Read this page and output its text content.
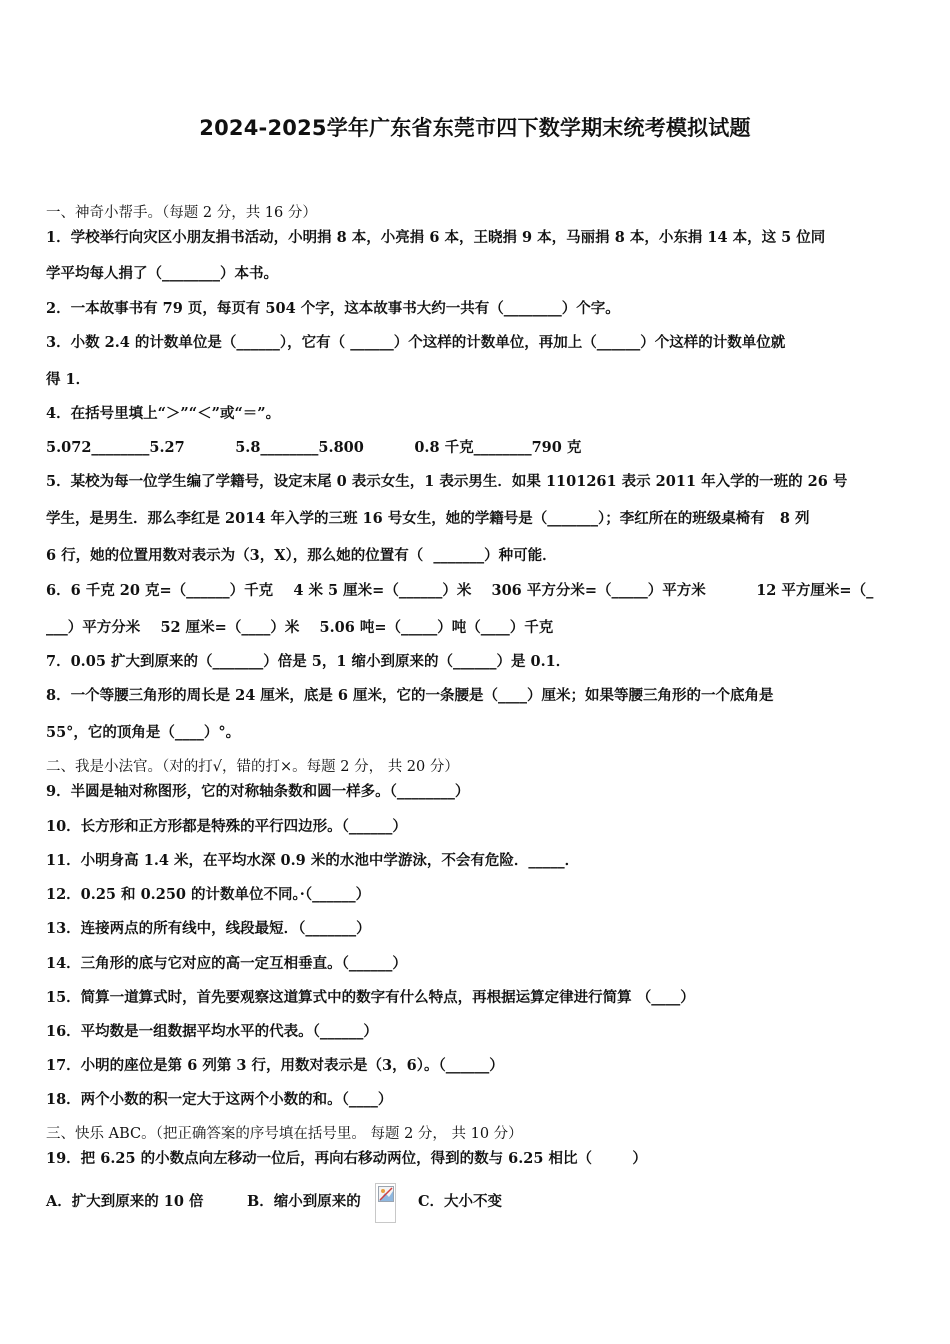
2024-2025学年广东省东莞市四下数学期末统考模拟试题
一、神奇小帮手。（每题 2 分，共 16 分）
1．学校举行向灾区小朋友捐书活动，小明捐 8 本，小亮捐 6 本，王晓捐 9 本，马丽捐 8 本，小东捐 14 本，这 5 位同
学平均每人捐了（________）本书。
2．一本故事书有 79 页，每页有 504 个字，这本故事书大约一共有（________）个字。
3．小数 2.4 的计数单位是（______），它有（ ______）个这样的计数单位，再加上（______）个这样的计数单位就
得 1．
4．在括号里填上“＞”“＜”或“＝”。
5.072________5.27          5.8________5.800          0.8 千克________790 克
5．某校为每一位学生编了学籍号，设定末尾 0 表示女生，1 表示男生．如果 1101261 表示 2011 年入学的一班的 26 号
学生，是男生．那么李红是 2014 年入学的三班 16 号女生，她的学籍号是（_______）；李红所在的班级桌椅有   8 列
6 行，她的位置用数对表示为（3，X），那么她的位置有（  _______）种可能．
6．6 千克 20 克=（______）千克    4 米 5 厘米=（______）米    306 平方分米=（_____）平方米          12 平方厘米=（_
___）平方分米    52 厘米=（____）米    5.06 吨=（_____）吨（____）千克
7．0.05 扩大到原来的（_______）倍是 5，1 缩小到原来的（______）是 0.1．
8．一个等腰三角形的周长是 24 厘米，底是 6 厘米，它的一条腰是（____）厘米；如果等腰三角形的一个底角是
55°，它的顶角是（____）°。
二、我是小法官。（对的打√，错的打×。每题 2 分， 共 20 分）
9．半圆是轴对称图形，它的对称轴条数和圆一样多。（________）
10．长方形和正方形都是特殊的平行四边形。（______）
11．小明身高 1.4 米，在平均水深 0.9 米的水池中学游泳，不会有危险．_____．
12．0.25 和 0.250 的计数单位不同。·（______）
13．连接两点的所有线中，线段最短．（_______）
14．三角形的底与它对应的高一定互相垂直。（______）
15．简算一道算式时，首先要观察这道算式中的数字有什么特点，再根据运算定律进行简算 （____）
16．平均数是一组数据平均水平的代表。（______）
17．小明的座位是第 6 列第 3 行，用数对表示是（3，6）。（______）
18．两个小数的积一定大于这两个小数的和。（____）
三、快乐 ABC。（把正确答案的序号填在括号里。 每题 2 分， 共 10 分）
19．把 6.25 的小数点向左移动一位后，再向右移动两位，得到的数与 6.25 相比（        ）
A．扩大到原来的 10 倍	B．缩小到原来的	C．大小不变
